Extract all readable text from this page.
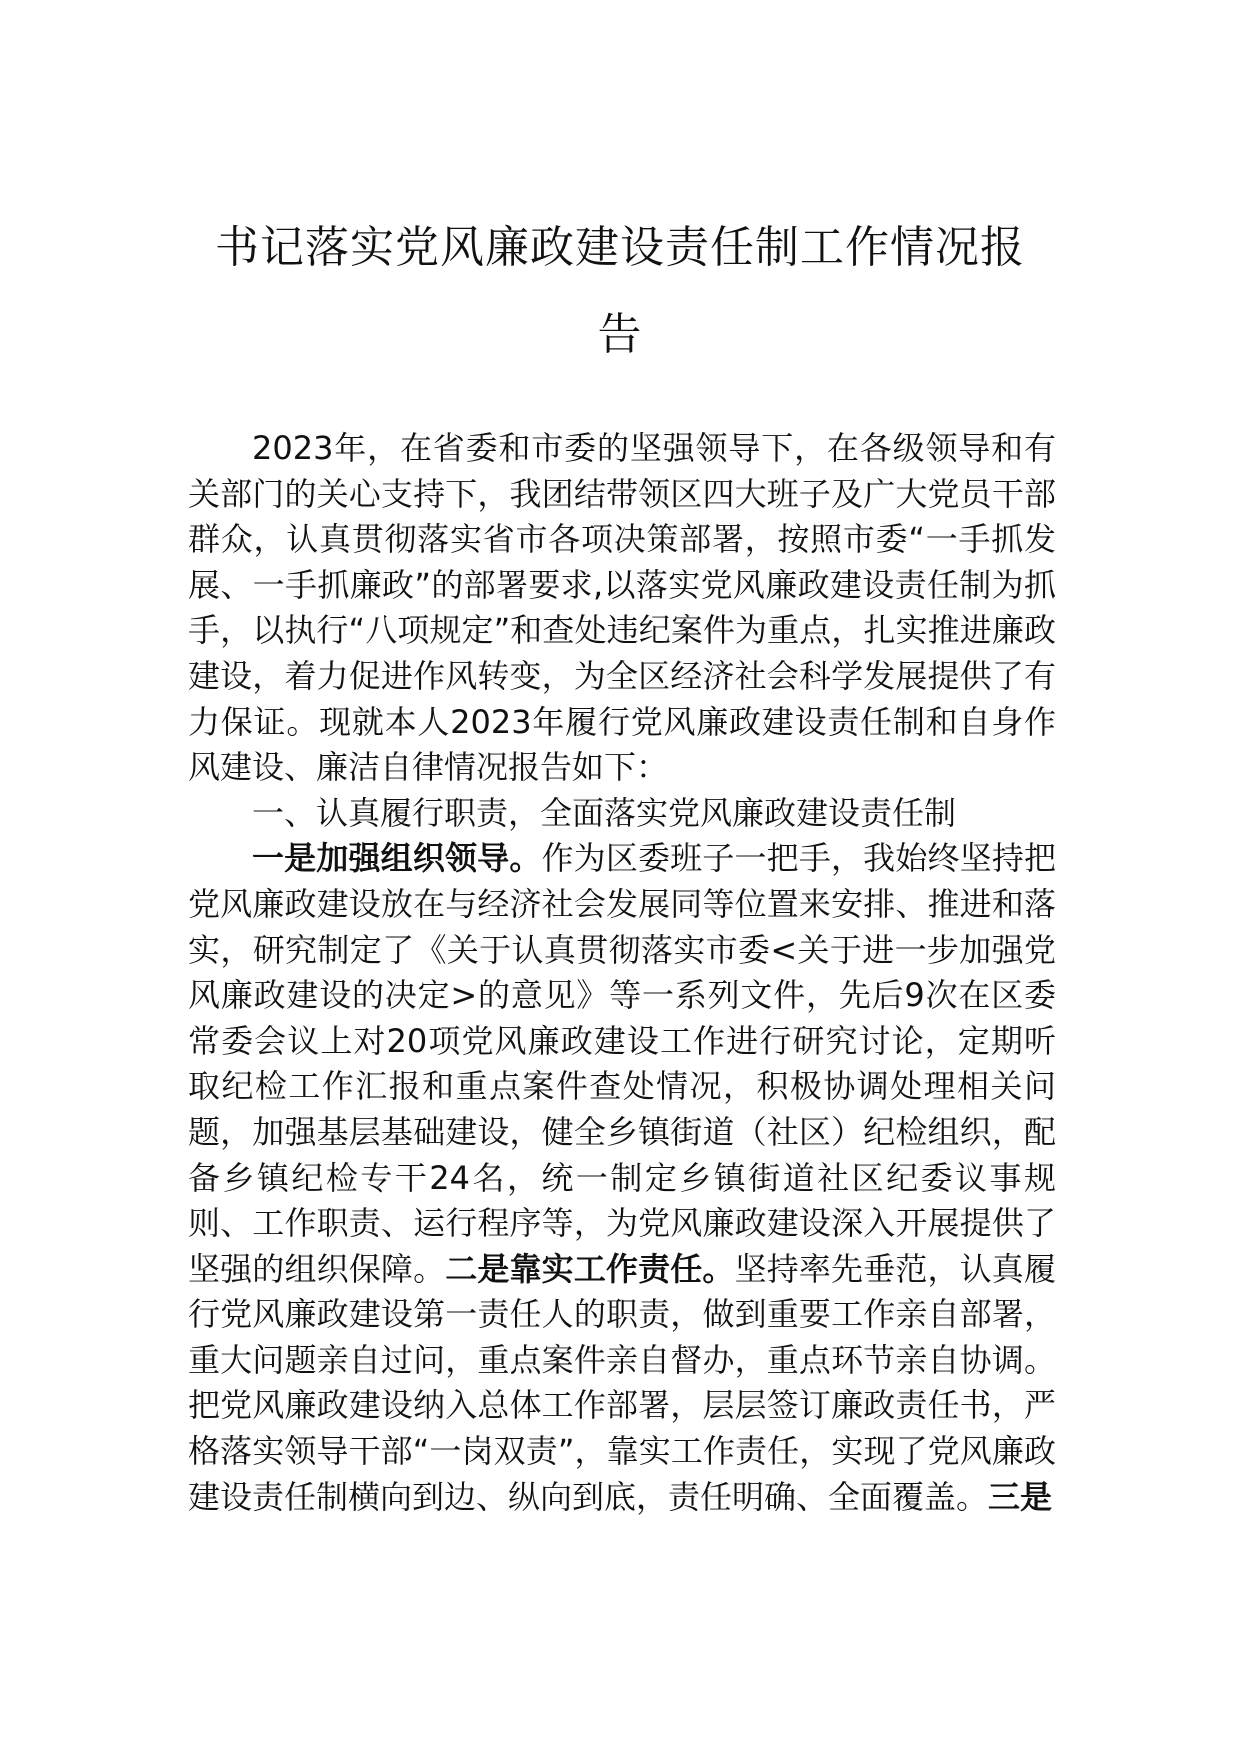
书记落实党风廉政建设责任制工作情况报
告

2023年，在省委和市委的坚强领导下，在各级领导和有关部门的关心支持下，我团结带领区四大班子及广大党员干部群众，认真贯彻落实省市各项决策部署，按照市委“一手抓发展、一手抓廉政”的部署要求,以落实党风廉政建设责任制为抓手，以执行“八项规定”和查处违纪案件为重点，扎实推进廉政建设，着力促进作风转变，为全区经济社会科学发展提供了有力保证。现就本人2023年履行党风廉政建设责任制和自身作风建设、廉洁自律情况报告如下：

一、认真履行职责，全面落实党风廉政建设责任制

一是加强组织领导。作为区委班子一把手，我始终坚持把党风廉政建设放在与经济社会发展同等位置来安排、推进和落实，研究制定了《关于认真贯彻落实市委<关于进一步加强党风廉政建设的决定>的意见》等一系列文件，先后9次在区委常委会议上对20项党风廉政建设工作进行研究讨论，定期听取纪检工作汇报和重点案件查处情况，积极协调处理相关问题，加强基层基础建设，健全乡镇街道（社区）纪检组织，配备乡镇纪检专干24名，统一制定乡镇街道社区纪委议事规则、工作职责、运行程序等，为党风廉政建设深入开展提供了坚强的组织保障。二是靠实工作责任。坚持率先垂范，认真履行党风廉政建设第一责任人的职责，做到重要工作亲自部署，重大问题亲自过问，重点案件亲自督办，重点环节亲自协调。把党风廉政建设纳入总体工作部署，层层签订廉政责任书，严格落实领导干部“一岗双责”，靠实工作责任，实现了党风廉政建设责任制横向到边、纵向到底，责任明确、全面覆盖。三是
